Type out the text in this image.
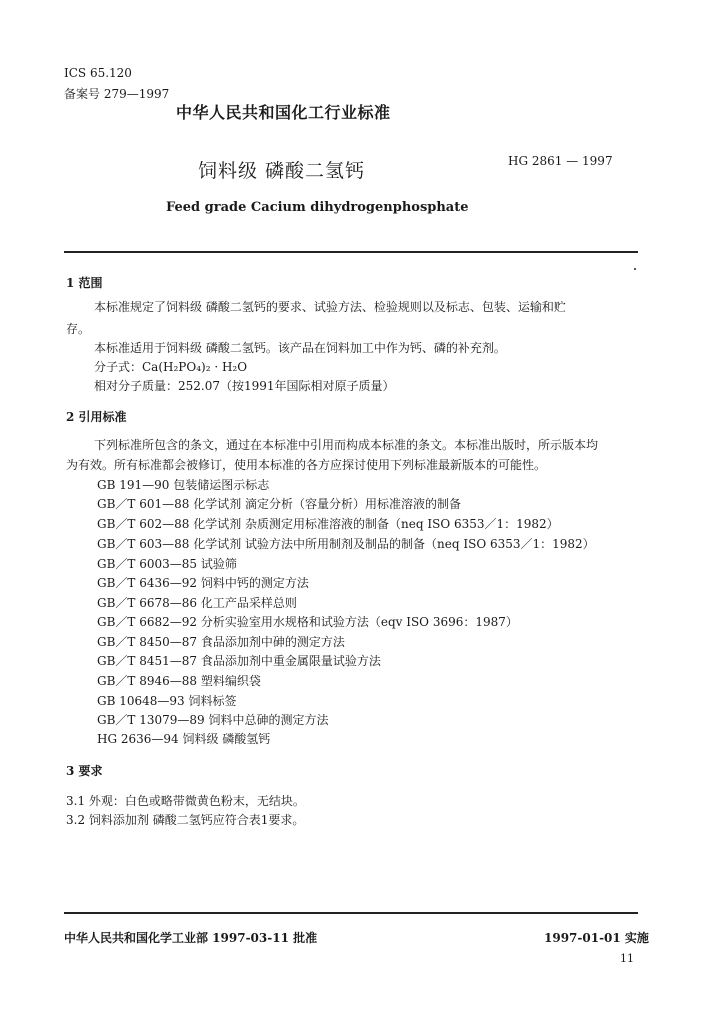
ICS 65.120
备案号 279—1997
中华人民共和国化工行业标准
饲料级 磷酸二氢钙	HG 2861 — 1997
Feed grade Cacium dihydrogenphosphate
1 范围
本标准规定了饲料级 磷酸二氢钙的要求、试验方法、检验规则以及标志、包装、运输和贮
存。
本标准适用于饲料级 磷酸二氢钙。该产品在饲料加工中作为钙、磷的补充剂。
分子式：Ca(H₂PO₄)₂ · H₂O
相对分子质量：252.07（按1991年国际相对原子质量）
2 引用标准
下列标准所包含的条文，通过在本标准中引用而构成本标准的条文。本标准出版时，所示版本均
为有效。所有标准都会被修订，使用本标准的各方应探讨使用下列标准最新版本的可能性。
GB 191—90 包装储运图示标志
GB／T 601—88 化学试剂 滴定分析（容量分析）用标准溶液的制备
GB／T 602—88 化学试剂 杂质测定用标准溶液的制备（neq ISO 6353／1：1982）
GB／T 603—88 化学试剂 试验方法中所用制剂及制品的制备（neq ISO 6353／1：1982）
GB／T 6003—85 试验筛
GB／T 6436—92 饲料中钙的测定方法
GB／T 6678—86 化工产品采样总则
GB／T 6682—92 分析实验室用水规格和试验方法（eqv ISO 3696：1987）
GB／T 8450—87 食品添加剂中砷的测定方法
GB／T 8451—87 食品添加剂中重金属限量试验方法
GB／T 8946—88 塑料编织袋
GB 10648—93 饲料标签
GB／T 13079—89 饲料中总砷的测定方法
HG 2636—94 饲料级 磷酸氢钙
3 要求
3.1 外观：白色或略带微黄色粉末，无结块。
3.2 饲料添加剂 磷酸二氢钙应符合表1要求。
中华人民共和国化学工业部 1997-03-11 批准	1997-01-01 实施
11
